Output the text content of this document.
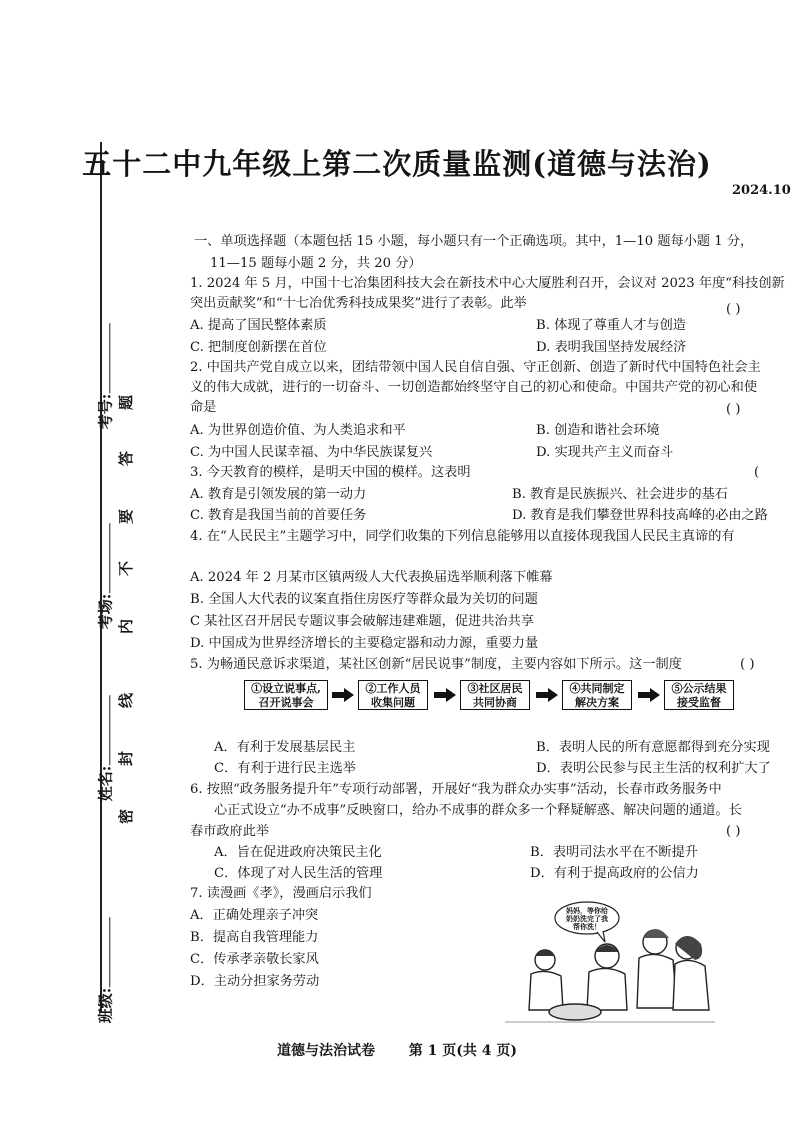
考号:
考场:
姓名:
班级:
题
答
要
不
内
线
封
密
五十二中九年级上第二次质量监测(道德与法治)
2024.10
一、单项选择题（本题包括 15 小题，每小题只有一个正确选项。其中，1—10 题每小题 1 分，
11—15 题每小题 2 分，共 20 分）
1. 2024 年 5 月，中国十七冶集团科技大会在新技术中心大厦胜利召开，会议对 2023 年度“科技创新
突出贡献奖”和“十七冶优秀科技成果奖”进行了表彰。此举	( )
A. 提高了国民整体素质	B. 体现了尊重人才与创造
C. 把制度创新摆在首位	D. 表明我国坚持发展经济
2. 中国共产党自成立以来，团结带领中国人民自信自强、守正创新、创造了新时代中国特色社会主
义的伟大成就，进行的一切奋斗、一切创造都始终坚守自己的初心和使命。中国共产党的初心和使
命是	( )
A. 为世界创造价值、为人类追求和平	B. 创造和谐社会环境
C. 为中国人民谋幸福、为中华民族谋复兴	D. 实现共产主义而奋斗
3. 今天教育的模样，是明天中国的模样。这表明	(
A. 教育是引领发展的第一动力	B. 教育是民族振兴、社会进步的基石
C. 教育是我国当前的首要任务	D. 教育是我们攀登世界科技高峰的必由之路
4. 在“人民民主”主题学习中，同学们收集的下列信息能够用以直接体现我国人民民主真谛的有
A. 2024 年 2 月某市区镇两级人大代表换届选举顺利落下帷幕
B. 全国人大代表的议案直指住房医疗等群众最为关切的问题
C 某社区召开居民专题议事会破解违建难题，促进共治共享
D. 中国成为世界经济增长的主要稳定器和动力源，重要力量
5. 为畅通民意诉求渠道，某社区创新“居民说事”制度，主要内容如下所示。这一制度	( )
①设立说事点,
召开说事会
②工作人员
收集问题
③社区居民
共同协商
④共同制定
解决方案
⑤公示结果
接受监督
A．有利于发展基层民主	B．表明人民的所有意愿都得到充分实现
C．有利于进行民主选举	D．表明公民参与民主生活的权利扩大了
6. 按照“政务服务提升年”专项行动部署，开展好“我为群众办实事”活动，长春市政务服务中
心正式设立“办不成事”反映窗口，给办不成事的群众多一个释疑解惑、解决问题的通道。长
春市政府此举	( )
A．旨在促进政府决策民主化	B．表明司法水平在不断提升
C．体现了对人民生活的管理	D．有利于提高政府的公信力
7. 读漫画《孝》，漫画启示我们
A．正确处理亲子冲突
B．提高自我管理能力
C．传承孝亲敬长家风
D．主动分担家务劳动
妈妈，等你给奶奶洗完了我帮你洗！
道德与法治试卷 第 1 页(共 4 页)
